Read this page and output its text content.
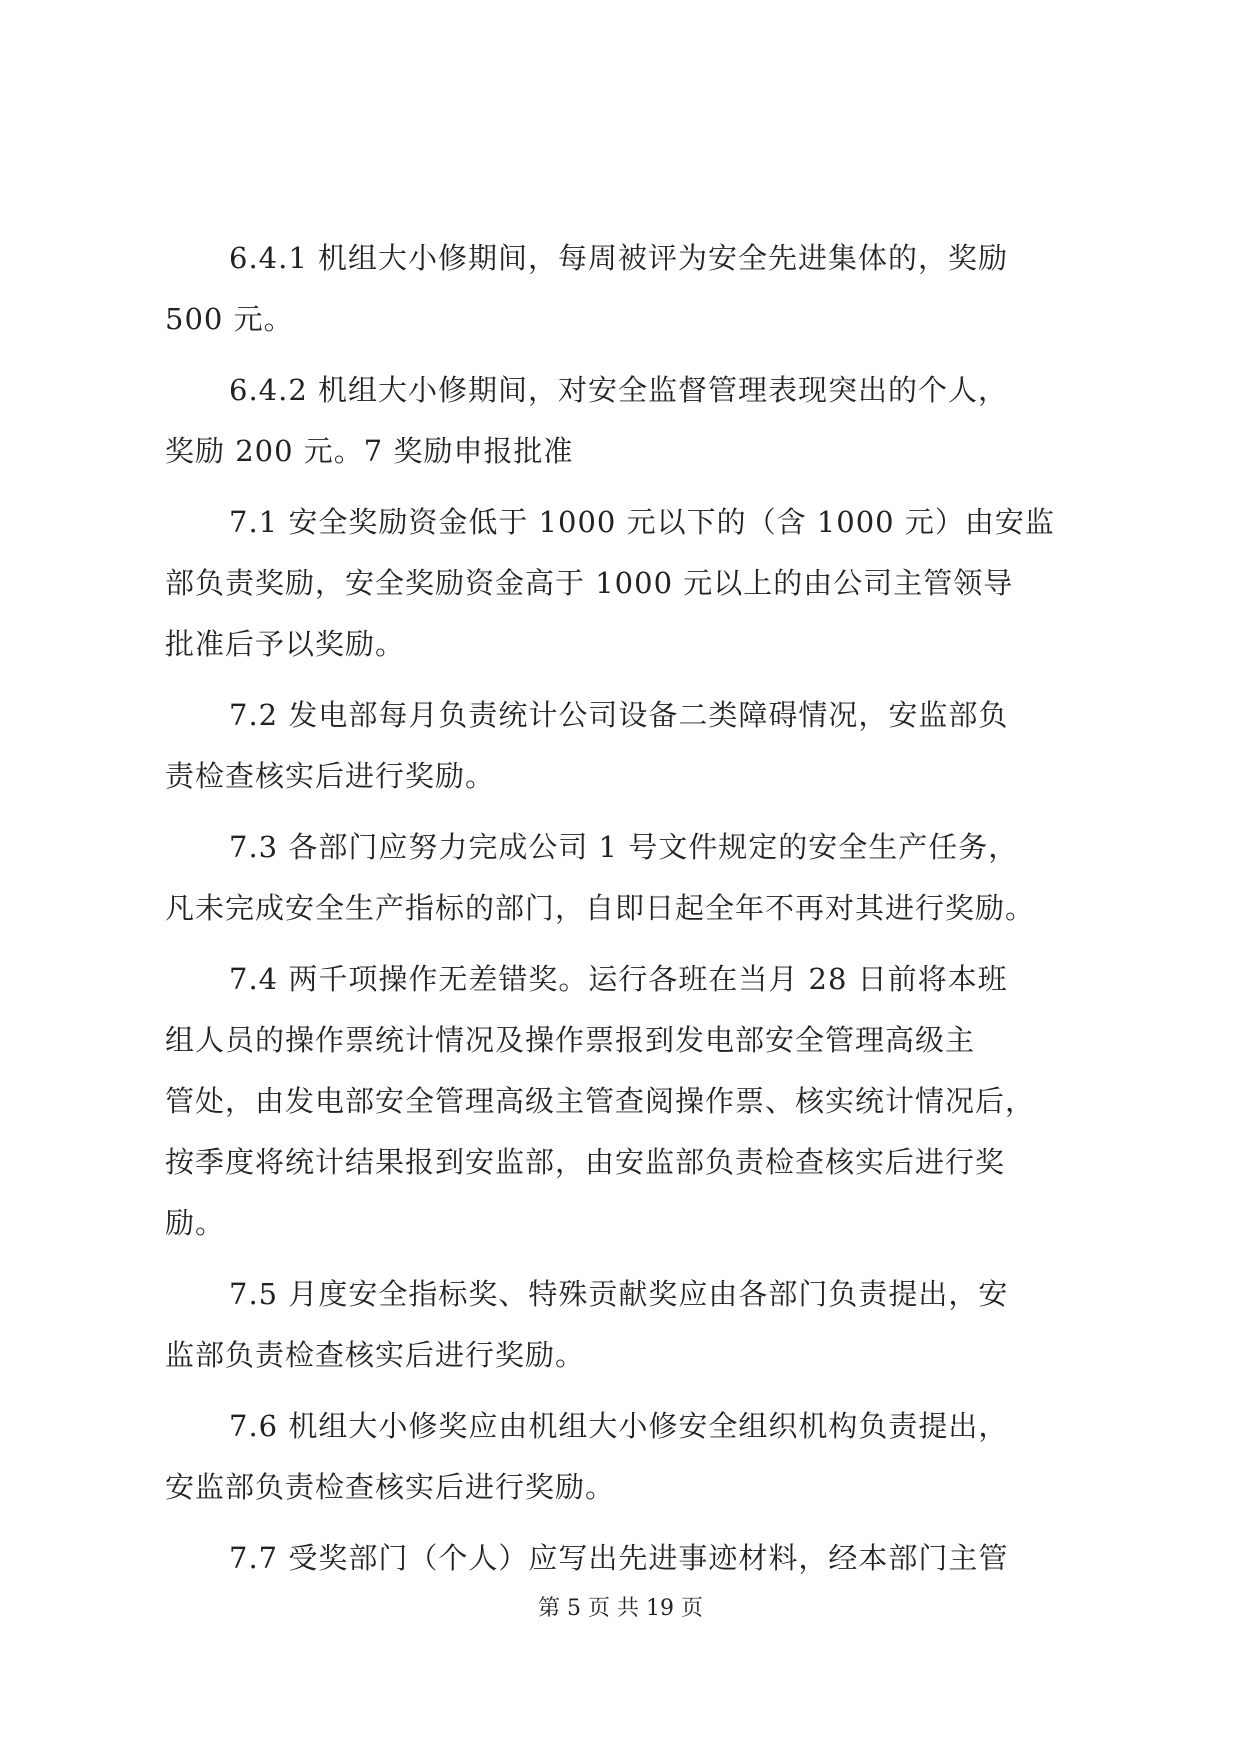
6.4.1 机组大小修期间，每周被评为安全先进集体的，奖励
500 元。
6.4.2 机组大小修期间，对安全监督管理表现突出的个人，
奖励 200 元。7 奖励申报批准
7.1 安全奖励资金低于 1000 元以下的（含 1000 元）由安监
部负责奖励，安全奖励资金高于 1000 元以上的由公司主管领导
批准后予以奖励。
7.2 发电部每月负责统计公司设备二类障碍情况，安监部负
责检查核实后进行奖励。
7.3 各部门应努力完成公司 1 号文件规定的安全生产任务，
凡未完成安全生产指标的部门，自即日起全年不再对其进行奖励。
7.4 两千项操作无差错奖。运行各班在当月 28 日前将本班
组人员的操作票统计情况及操作票报到发电部安全管理高级主
管处，由发电部安全管理高级主管查阅操作票、核实统计情况后，
按季度将统计结果报到安监部，由安监部负责检查核实后进行奖
励。
7.5 月度安全指标奖、特殊贡献奖应由各部门负责提出，安
监部负责检查核实后进行奖励。
7.6 机组大小修奖应由机组大小修安全组织机构负责提出，
安监部负责检查核实后进行奖励。
7.7 受奖部门（个人）应写出先进事迹材料，经本部门主管
第 5 页 共 19 页
